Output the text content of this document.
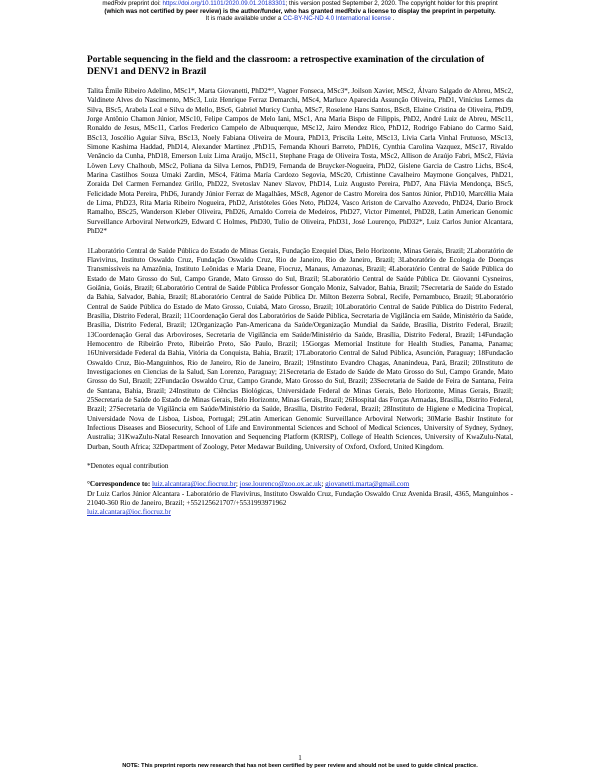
medRxiv preprint doi: https://doi.org/10.1101/2020.09.01.20183301; this version posted September 2, 2020. The copyright holder for this preprint
(which was not certified by peer review) is the author/funder, who has granted medRxiv a license to display the preprint in perpetuity.
It is made available under a CC-BY-NC-ND 4.0 International license .

Portable sequencing in the field and the classroom: a retrospective examination of the circulation of DENV1 and DENV2 in Brazil

Talita Émile Ribeiro Adelino, MSc1*, Marta Giovanetti, PhD2*°, Vagner Fonseca, MSc3*, Joilson Xavier, MSc2, Álvaro Salgado de Abreu, MSc2, Valdinete Alves do Nascimento, MSc3, Luiz Henrique Ferraz Demarchi, MSc4, Marluce Aparecida Assunção Oliveira, PhD1, Vinícius Lemes da Silva, BSc5, Arabela Leal e Silva de Mello, BSc6, Gabriel Muricy Cunha, MSc7, Roselene Hans Santos, BSc8, Elaine Cristina de Oliveira, PhD9, Jorge Antônio Chamon Júnior, MSc10, Felipe Campos de Melo Iani, MSc1, Ana Maria Bispo de Filippis, PhD2, André Luiz de Abreu, MSc11, Ronaldo de Jesus, MSc11, Carlos Frederico Campelo de Albuquerque, MSc12, Jairo Mendez Rico, PhD12, Rodrigo Fabiano do Carmo Said, BSc13, Joscélio Aguiar Silva, BSc13, Noely Fabiana Oliveira de Moura, PhD13, Priscila Leite, MSc13, Lívia Carla Vinhal Frutuoso, MSc13, Simone Kashima Haddad, PhD14, Alexander Martinez ,PhD15, Fernanda Khouri Barreto, PhD16, Cynthia Carolina Vazquez, MSc17, Rivaldo Venâncio da Cunha, PhD18, Emerson Luiz Lima Araújo, MSc11, Stephane Fraga de Oliveira Tosta, MSc2, Allison de Araújo Fabri, MSc2, Flávia Löwen Levy Chalhoub, MSc2, Poliana da Silva Lemos, PhD19, Fernanda de Bruycker-Nogueira, PhD2, Gislene Garcia de Castro Lichs, BSc4, Marina Castilhos Souza Umaki Zardin, MSc4, Fátima María Cardozo Segovia, MSc20, Crhistinne Cavalheiro Maymone Gonçalves, PhD21, Zoraida Del Carmen Fernandez Grillo, PhD22, Svetoslav Nanev Slavov, PhD14, Luiz Augusto Pereira, PhD7, Ana Flávia Mendonça, BSc5, Felicidade Mota Pereira, PhD6, Jurandy Júnior Ferraz de Magalhães, MSc8, Agenor de Castro Moreira dos Santos Júnior, PhD10, Marcéllia Maia de Lima, PhD23, Rita Maria Ribeiro Nogueira, PhD2, Aristóteles Góes Neto, PhD24, Vasco Ariston de Carvalho Azevedo, PhD24, Dario Brock Ramalho, BSc25, Wanderson Kleber Oliveira, PhD26, Arnaldo Correia de Medeiros, PhD27, Victor Pimentel, PhD28, Latin American Genomic Surveillance Arboviral Network29, Edward C Holmes, PhD30, Tulio de Oliveira, PhD31, José Lourenço, PhD32*, Luiz Carlos Junior Alcantara, PhD2*

1Laboratório Central de Saúde Pública do Estado de Minas Gerais, Fundação Ezequiel Dias, Belo Horizonte, Minas Gerais, Brazil; 2Laboratório de Flavivírus, Instituto Oswaldo Cruz, Fundação Oswaldo Cruz, Rio de Janeiro, Rio de Janeiro, Brazil; 3Laboratório de Ecologia de Doenças Transmissíveis na Amazônia, Instituto Leônidas e Maria Deane, Fiocruz, Manaus, Amazonas, Brazil; 4Laboratório Central de Saúde Pública do Estado de Mato Grosso do Sul, Campo Grande, Mato Grosso do Sul, Brazil; 5Laboratório Central de Saúde Pública Dr. Giovanni Cysneiros, Goiânia, Goiás, Brazil; 6Laboratório Central de Saúde Pública Professor Gonçalo Moniz, Salvador, Bahia, Brazil; 7Secretaria de Saúde do Estado da Bahia, Salvador, Bahia, Brazil; 8Laboratório Central de Saúde Pública Dr. Milton Bezerra Sobral, Recife, Pernambuco, Brazil; 9Laboratório Central de Saúde Pública do Estado de Mato Grosso, Cuiabá, Mato Grosso, Brazil; 10Laboratório Central de Saúde Pública do Distrito Federal, Brasília, Distrito Federal, Brazil; 11Coordenação Geral dos Laboratórios de Saúde Pública, Secretaria de Vigilância em Saúde, Ministério da Saúde, Brasília, Distrito Federal, Brazil; 12Organização Pan-Americana da Saúde/Organização Mundial da Saúde, Brasília, Distrito Federal, Brazil; 13Coordenação Geral das Arboviroses, Secretaria de Vigilância em Saúde/Ministério da Saúde, Brasília, Distrito Federal, Brazil; 14Fundação Hemocentro de Ribeirão Preto, Ribeirão Preto, São Paulo, Brazil; 15Gorgas Memorial Institute for Health Studies, Panama, Panama; 16Universidade Federal da Bahia, Vitória da Conquista, Bahia, Brazil; 17Laboratorio Central de Salud Pública, Asunción, Paraguay; 18Fundacão Oswaldo Cruz, Bio-Manguinhos, Rio de Janeiro, Rio de Janeiro, Brazil; 19Instituto Evandro Chagas, Ananindeua, Pará, Brazil; 20Instituto de Investigaciones en Ciencias de la Salud, San Lorenzo, Paraguay; 21Secretaria de Estado de Saúde de Mato Grosso do Sul, Campo Grande, Mato Grosso do Sul, Brazil; 22Fundacão Oswaldo Cruz, Campo Grande, Mato Grosso do Sul, Brazil; 23Secretaria de Saúde de Feira de Santana, Feira de Santana, Bahia, Brazil; 24Instituto de Ciências Biológicas, Universidade Federal de Minas Gerais, Belo Horizonte, Minas Gerais, Brazil; 25Secretaria de Saúde do Estado de Minas Gerais, Belo Horizonte, Minas Gerais, Brazil; 26Hospital das Forças Armadas, Brasília, Distrito Federal, Brazil; 27Secretaria de Vigilância em Saúde/Ministério da Saúde, Brasília, Distrito Federal, Brazil; 28Instituto de Higiene e Medicina Tropical, Universidade Nova de Lisboa, Lisboa, Portugal; 29Latin American Genomic Surveillance Arboviral Network; 30Marie Bashir Institute for Infectious Diseases and Biosecurity, School of Life and Environmental Sciences and School of Medical Sciences, University of Sydney, Sydney, Australia; 31KwaZulu-Natal Research Innovation and Sequencing Platform (KRISP), College of Health Sciences, University of KwaZulu-Natal, Durban, South Africa; 32Department of Zoology, Peter Medawar Building, University of Oxford, Oxford, United Kingdom.

*Denotes equal contribution

°Correspondence to: luiz.alcantara@ioc.fiocruz.br; jose.lourenco@zoo.ox.ac.uk; giovanetti.marta@gmail.com
Dr Luiz Carlos Júnior Alcantara - Laboratório de Flavivírus, Instituto Oswaldo Cruz, Fundação Oswaldo Cruz Avenida Brasil, 4365, Manguinhos - 21040-360 Rio de Janeiro, Brazil; +552125621707/+5531993971962
luiz.alcantara@ioc.fiocruz.br

1
NOTE: This preprint reports new research that has not been certified by peer review and should not be used to guide clinical practice.
